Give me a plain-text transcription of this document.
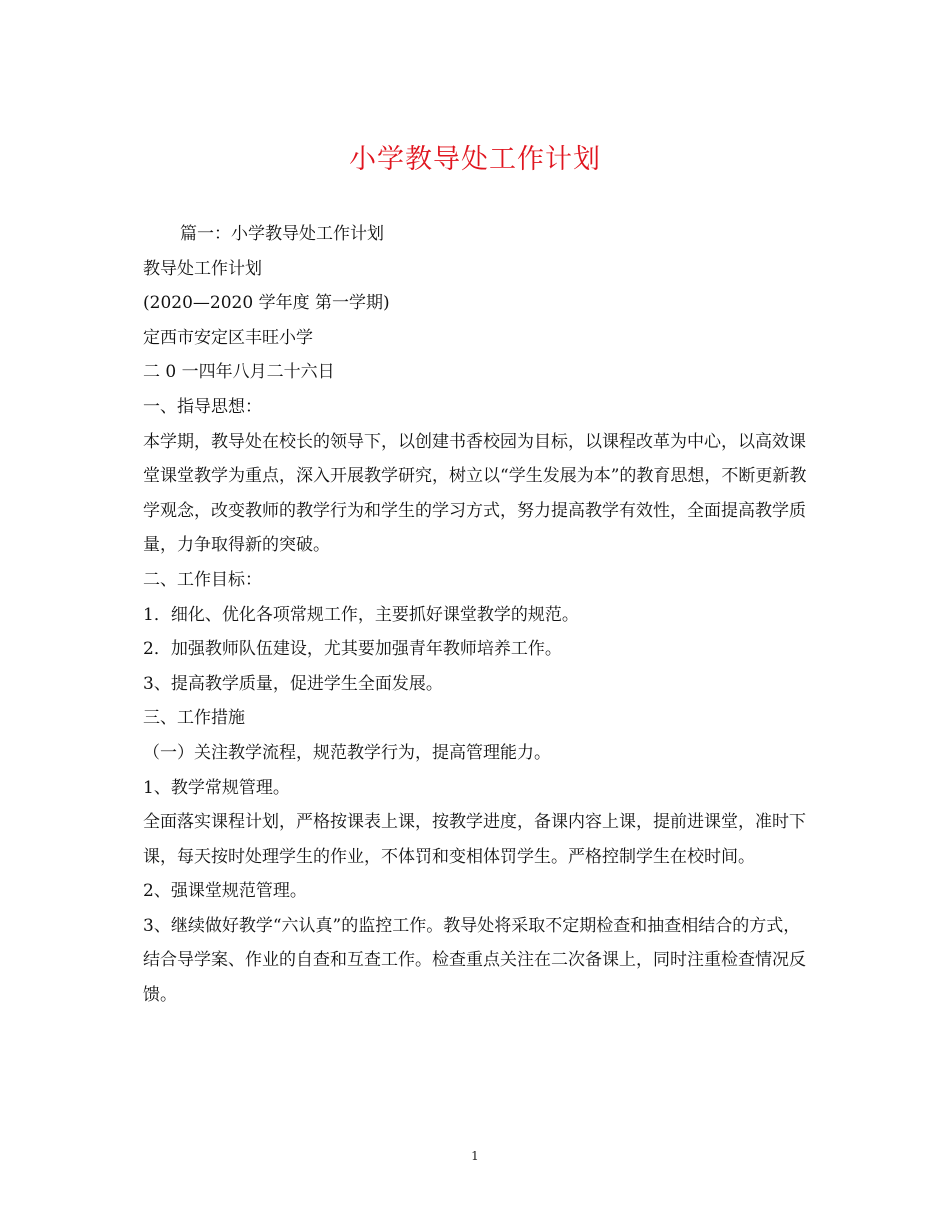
小学教导处工作计划

篇一：小学教导处工作计划

教导处工作计划

(2020—2020 学年度 第一学期)

定西市安定区丰旺小学

二 0 一四年八月二十六日

一、指导思想：

本学期，教导处在校长的领导下，以创建书香校园为目标，以课程改革为中心，以高效课堂课堂教学为重点，深入开展教学研究，树立以“学生发展为本”的教育思想，不断更新教学观念，改变教师的教学行为和学生的学习方式，努力提高教学有效性，全面提高教学质量，力争取得新的突破。

二、工作目标：

1．细化、优化各项常规工作，主要抓好课堂教学的规范。

2．加强教师队伍建设，尤其要加强青年教师培养工作。

3、提高教学质量，促进学生全面发展。

三、工作措施

（一）关注教学流程，规范教学行为，提高管理能力。

1、教学常规管理。

全面落实课程计划，严格按课表上课，按教学进度，备课内容上课，提前进课堂，准时下课，每天按时处理学生的作业，不体罚和变相体罚学生。严格控制学生在校时间。

2、强课堂规范管理。

3、继续做好教学“六认真”的监控工作。教导处将采取不定期检查和抽查相结合的方式，结合导学案、作业的自查和互查工作。检查重点关注在二次备课上，同时注重检查情况反馈。

1
